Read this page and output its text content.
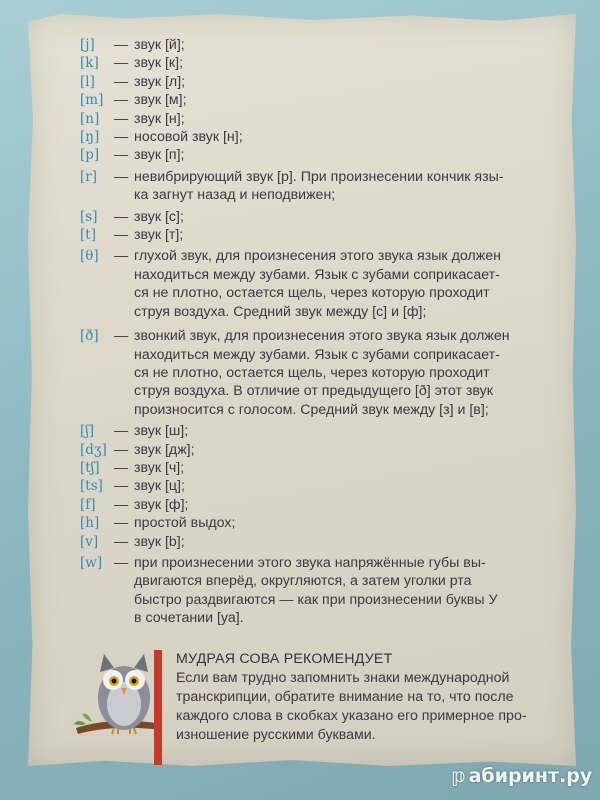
[j]	— звук [й];
[k]	— звук [к];
[l]	— звук [л];
[m] — звук [м];
[n]	— звук [н];
[ŋ]	— носовой звук [н];
[p]	— звук [п];
[r]	— невибрирующий звук [р]. При произнесении кончик язы-
ка загнут назад и неподвижен;
[s]	— звук [с];
[t]	— звук [т];
[θ]	— глухой звук, для произнесения этого звука язык должен
находиться между зубами. Язык с зубами соприкасает-
ся не плотно, остается щель, через которую проходит
струя воздуха. Средний звук между [с] и [ф];
[ð]	— звонкий звук, для произнесения этого звука язык должен
находиться между зубами. Язык с зубами соприкасает-
ся не плотно, остается щель, через которую проходит
струя воздуха. В отличие от предыдущего [ð] этот звук
произносится с голосом. Средний звук между [з] и [в];
[ʃ]	— звук [ш];
[dʒ] — звук [дж];
[tʃ]	— звук [ч];
[ts] — звук [ц];
[f]	— звук [ф];
[h]	— простой выдох;
[v]	— звук [b];
[w] — при произнесении этого звука напряжённые губы вы-
двигаются вперёд, округляются, а затем уголки рта
быстро раздвигаются — как при произнесении буквы У
в сочетании [уа].
МУДРАЯ СОВА РЕКОМЕНДУЕТ
Если вам трудно запомнить знаки международной
транскрипции, обратите внимание на то, что после
каждого слова в скобках указано его примерное про-
изношение русскими буквами.
𝕡 абиринт.ру
